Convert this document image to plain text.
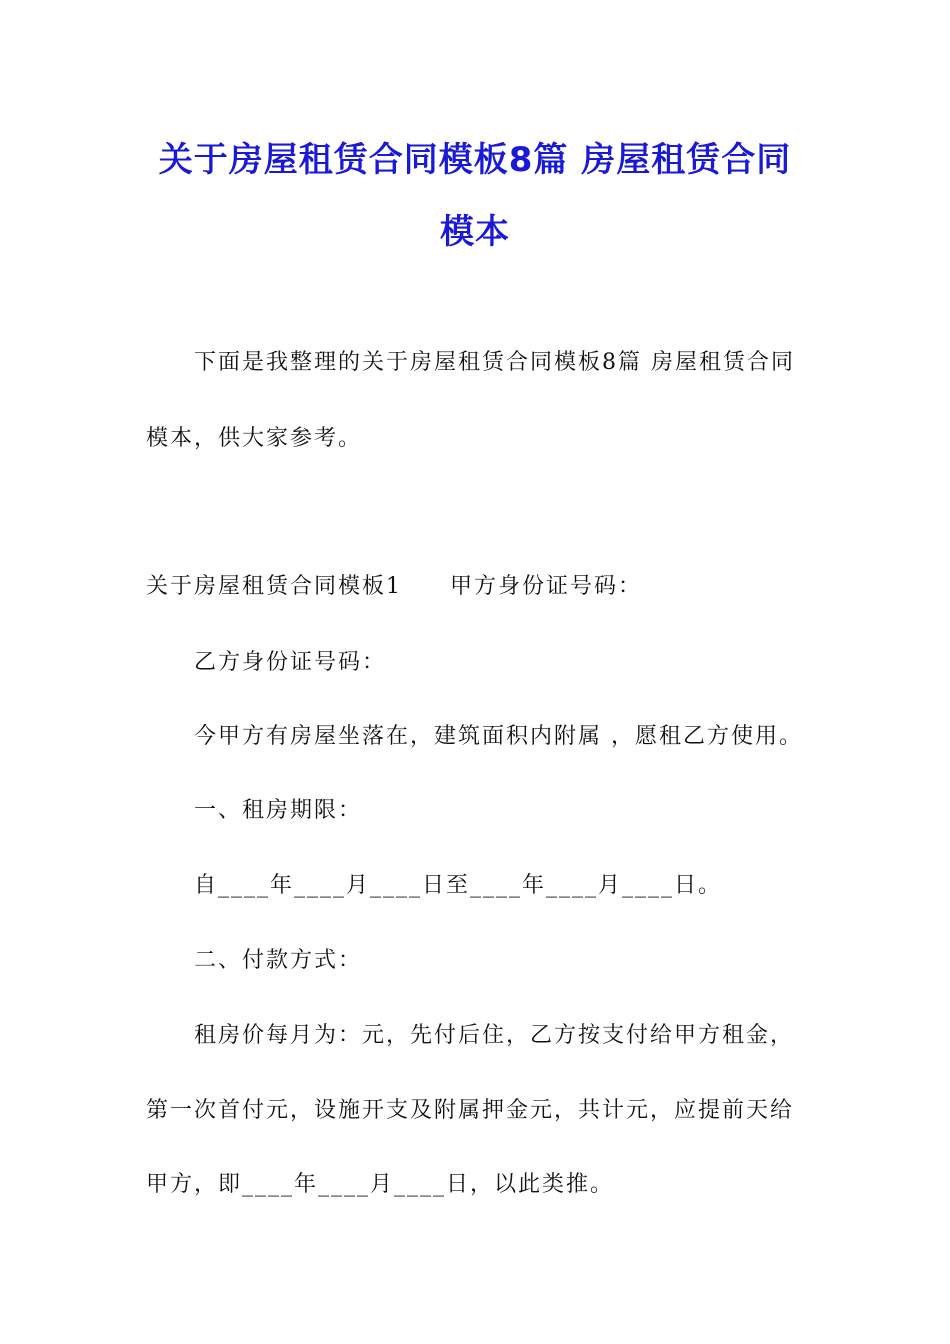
关于房屋租赁合同模板8篇 房屋租赁合同
模本
下面是我整理的关于房屋租赁合同模板8篇 房屋租赁合同
模本，供大家参考。
关于房屋租赁合同模板1　　甲方身份证号码：
乙方身份证号码：
今甲方有房屋坐落在，建筑面积内附属 ，愿租乙方使用。
一、租房期限：
自____年____月____日至____年____月____日。
二、付款方式：
租房价每月为：元，先付后住，乙方按支付给甲方租金，
第一次首付元，设施开支及附属押金元，共计元，应提前天给
甲方，即____年____月____日，以此类推。
